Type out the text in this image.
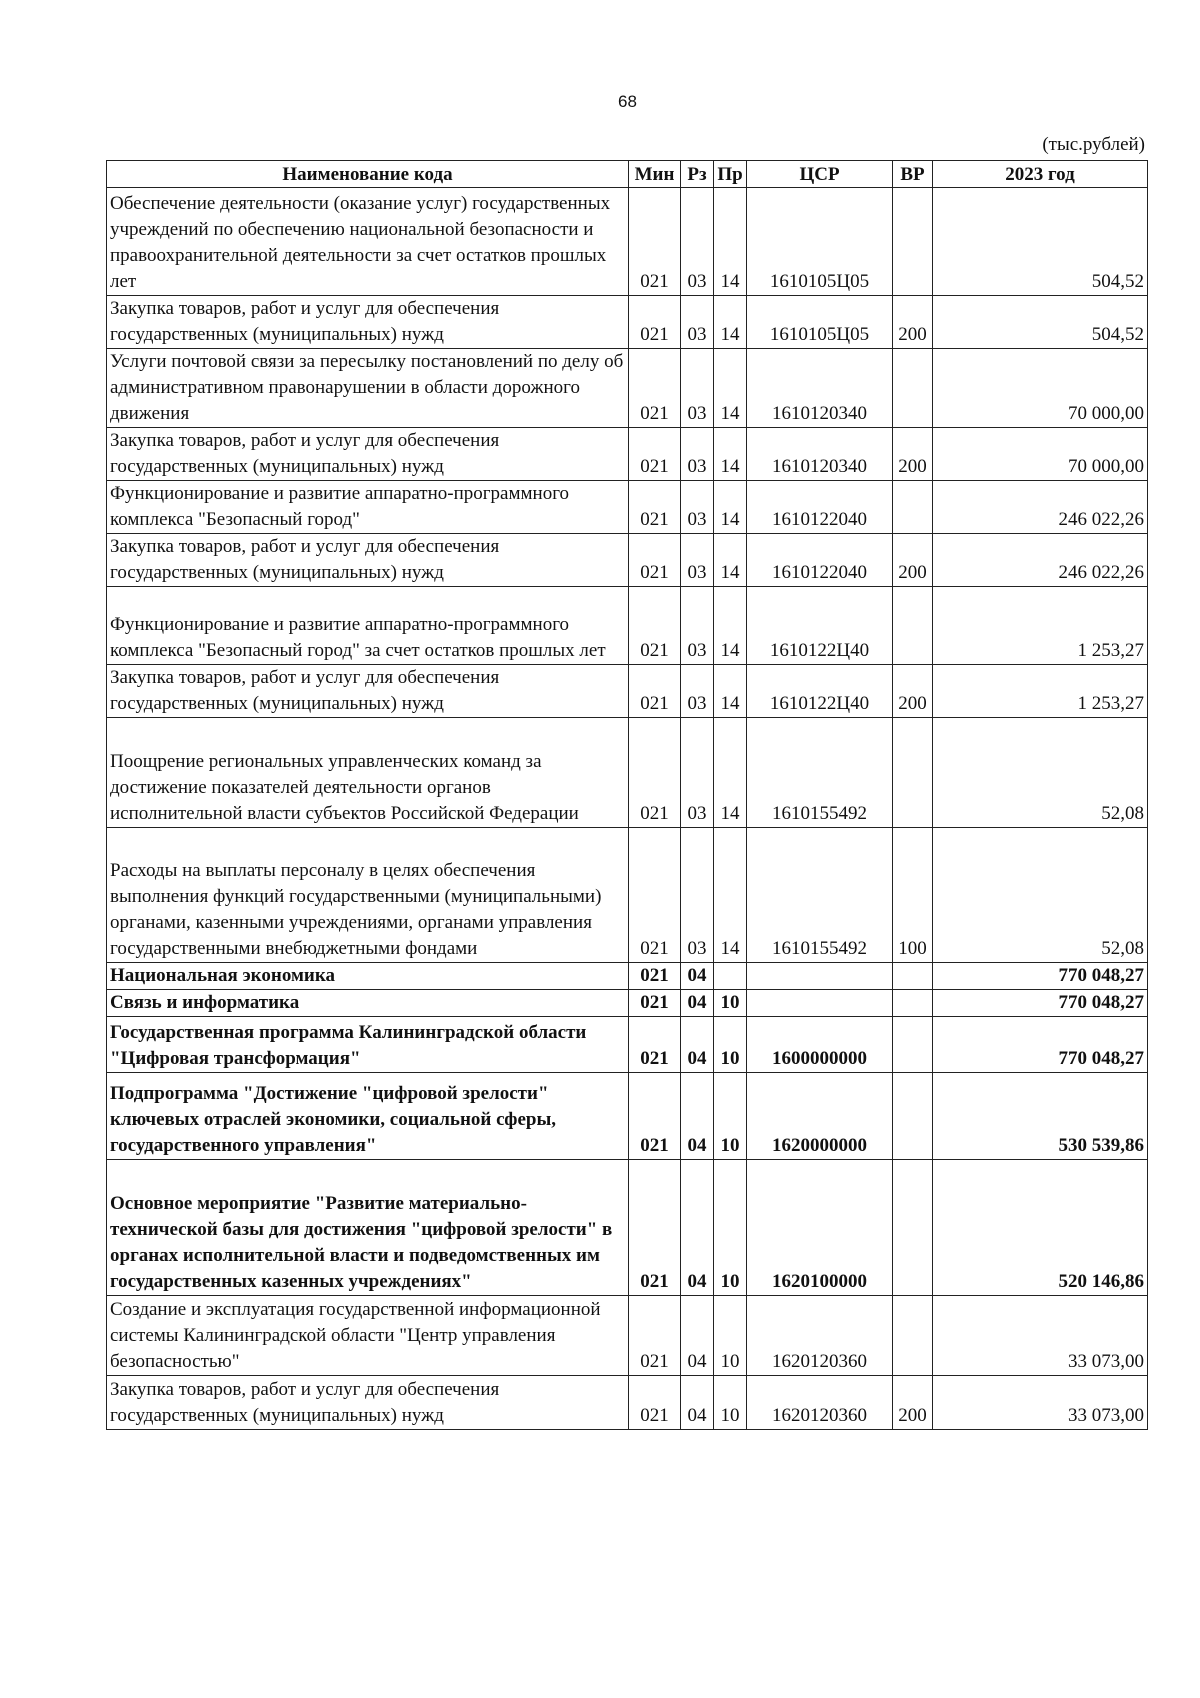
68
(тыс.рублей)
Наименование кода	Мин	Рз	Пр	ЦСР	ВР	2023 год
Обеспечение деятельности (оказание услуг) государственных учреждений по обеспечению национальной безопасности и правоохранительной деятельности за счет остатков прошлых лет	021	03	14	1610105Ц05		504,52
Закупка товаров, работ и услуг для обеспечения государственных (муниципальных) нужд	021	03	14	1610105Ц05	200	504,52
Услуги почтовой связи за пересылку постановлений по делу об административном правонарушении в области дорожного движения	021	03	14	1610120340		70 000,00
Закупка товаров, работ и услуг для обеспечения государственных (муниципальных) нужд	021	03	14	1610120340	200	70 000,00
Функционирование и развитие аппаратно-программного комплекса "Безопасный город"	021	03	14	1610122040		246 022,26
Закупка товаров, работ и услуг для обеспечения государственных (муниципальных) нужд	021	03	14	1610122040	200	246 022,26
Функционирование и развитие аппаратно-программного комплекса "Безопасный город" за счет остатков прошлых лет	021	03	14	1610122Ц40		1 253,27
Закупка товаров, работ и услуг для обеспечения государственных (муниципальных) нужд	021	03	14	1610122Ц40	200	1 253,27
Поощрение региональных управленческих команд за достижение показателей деятельности органов исполнительной власти субъектов Российской Федерации	021	03	14	1610155492		52,08
Расходы на выплаты персоналу в целях обеспечения выполнения функций государственными (муниципальными) органами, казенными учреждениями, органами управления государственными внебюджетными фондами	021	03	14	1610155492	100	52,08
Национальная экономика	021	04				770 048,27
Связь и информатика	021	04	10			770 048,27
Государственная программа Калининградской области "Цифровая трансформация"	021	04	10	1600000000		770 048,27
Подпрограмма "Достижение "цифровой зрелости" ключевых отраслей экономики, социальной сферы, государственного управления"	021	04	10	1620000000		530 539,86
Основное мероприятие "Развитие материально-технической базы для достижения "цифровой зрелости" в органах исполнительной власти и подведомственных им государственных казенных учреждениях"	021	04	10	1620100000		520 146,86
Создание и эксплуатация государственной информационной системы Калининградской области "Центр управления безопасностью"	021	04	10	1620120360		33 073,00
Закупка товаров, работ и услуг для обеспечения государственных (муниципальных) нужд	021	04	10	1620120360	200	33 073,00
